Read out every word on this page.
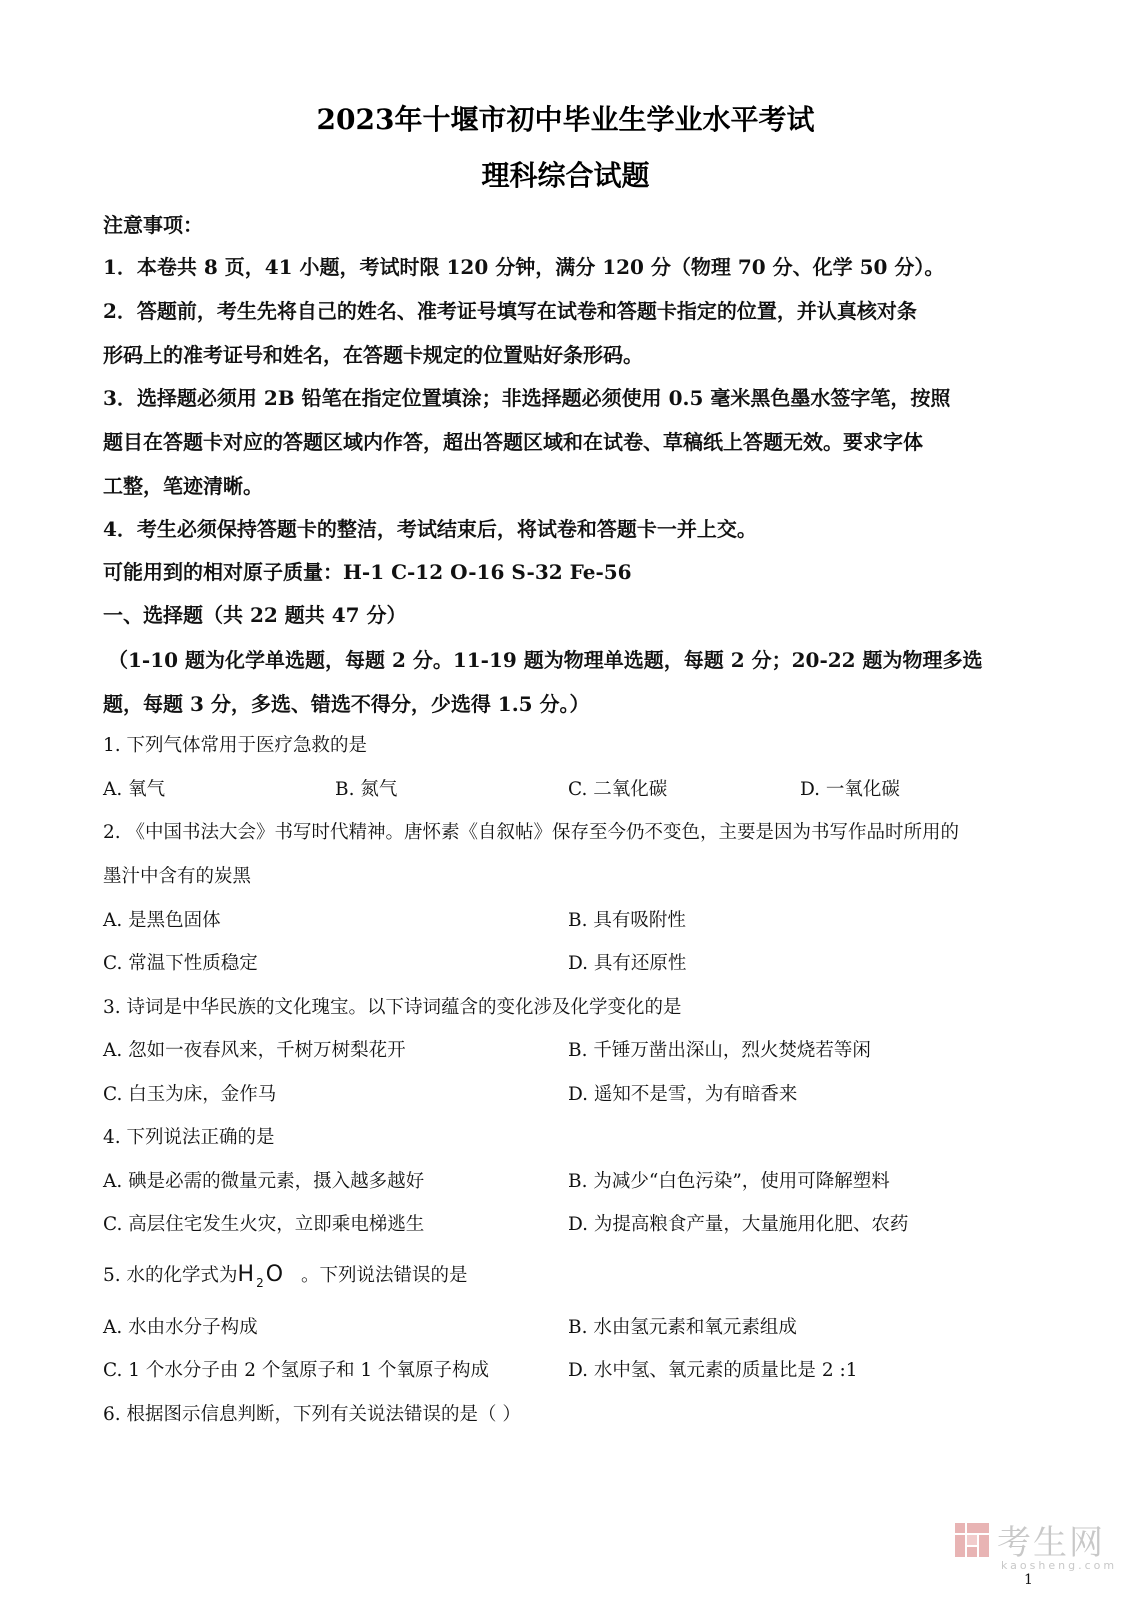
2023年十堰市初中毕业生学业水平考试
理科综合试题
注意事项：
1．本卷共 8 页，41 小题，考试时限 120 分钟，满分 120 分（物理 70 分、化学 50 分）。
2．答题前，考生先将自己的姓名、准考证号填写在试卷和答题卡指定的位置，并认真核对条
形码上的准考证号和姓名，在答题卡规定的位置贴好条形码。
3．选择题必须用 2B 铅笔在指定位置填涂；非选择题必须使用 0.5 毫米黑色墨水签字笔，按照
题目在答题卡对应的答题区域内作答，超出答题区域和在试卷、草稿纸上答题无效。要求字体
工整，笔迹清晰。
4．考生必须保持答题卡的整洁，考试结束后，将试卷和答题卡一并上交。
可能用到的相对原子质量：H-1 C-12 O-16 S-32 Fe-56
一、选择题（共 22 题共 47 分）
（1-10 题为化学单选题，每题 2 分。11-19 题为物理单选题，每题 2 分；20-22 题为物理多选
题，每题 3 分，多选、错选不得分，少选得 1.5 分。）
1. 下列气体常用于医疗急救的是
A. 氧气	B. 氮气	C. 二氧化碳	D. 一氧化碳
2. 《中国书法大会》书写时代精神。唐怀素《自叙帖》保存至今仍不变色，主要是因为书写作品时所用的
墨汁中含有的炭黑
A. 是黑色固体	B. 具有吸附性
C. 常温下性质稳定	D. 具有还原性
3. 诗词是中华民族的文化瑰宝。以下诗词蕴含的变化涉及化学变化的是
A. 忽如一夜春风来，千树万树梨花开	B. 千锤万凿出深山，烈火焚烧若等闲
C. 白玉为床，金作马	D. 遥知不是雪，为有暗香来
4. 下列说法正确的是
A. 碘是必需的微量元素，摄入越多越好	B. 为减少“白色污染”，使用可降解塑料
C. 高层住宅发生火灾，立即乘电梯逃生	D. 为提高粮食产量，大量施用化肥、农药
5. 水的化学式为$H_2O$ 。下列说法错误的是
A. 水由水分子构成	B. 水由氢元素和氧元素组成
C. 1 个水分子由 2 个氢原子和 1 个氧原子构成	D. 水中氢、氧元素的质量比是 2 :1
6. 根据图示信息判断，下列有关说法错误的是（ ）
考生网
kaosheng.com
1
